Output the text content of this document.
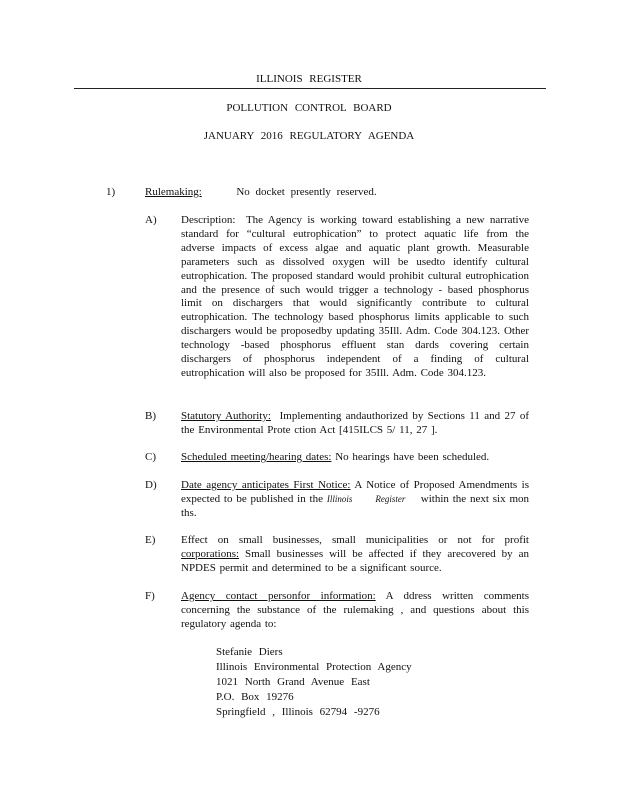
ILLINOIS REGISTER
POLLUTION CONTROL BOARD
JANUARY 2016 REGULATORY AGENDA
1)	Rulemaking:	No docket presently reserved.
A) Description: The Agency is working toward establishing a new narrative standard for “cultural eutrophication” to protect aquatic life from the adverse impacts of excess algae and aquatic plant growth. Measurable parameters such as dissolved oxygen will be usedto identify cultural eutrophication. The proposed standard would prohibit cultural eutrophication and the presence of such would trigger a technology - based phosphorus limit on dischargers that would significantly contribute to cultural eutrophication. The technology based phosphorus limits applicable to such dischargers would be proposedby updating 35Ill. Adm. Code 304.123. Other technology -based phosphorus effluent stan dards covering certain dischargers of phosphorus independent of a finding of cultural eutrophication will also be proposed for 35Ill. Adm. Code 304.123.
B) Statutory Authority: Implementing andauthorized by Sections 11 and 27 of the Environmental Prote ction Act [415ILCS 5/ 11, 27 ].
C) Scheduled meeting/hearing dates: No hearings have been scheduled.
D) Date agency anticipates First Notice: A Notice of Proposed Amendments is expected to be published in the Illinois	Register within the next six mon ths.
E) Effect on small businesses, small municipalities or not for profit corporations: Small businesses will be affected if they arecovered by an NPDES permit and determined to be a significant source.
F) Agency contact personfor information: A ddress written comments concerning the substance of the rulemaking , and questions about this regulatory agenda to:
Stefanie Diers
Illinois Environmental Protection Agency
1021 North Grand Avenue East
P.O. Box 19276
Springfield , Illinois 62794 -9276
